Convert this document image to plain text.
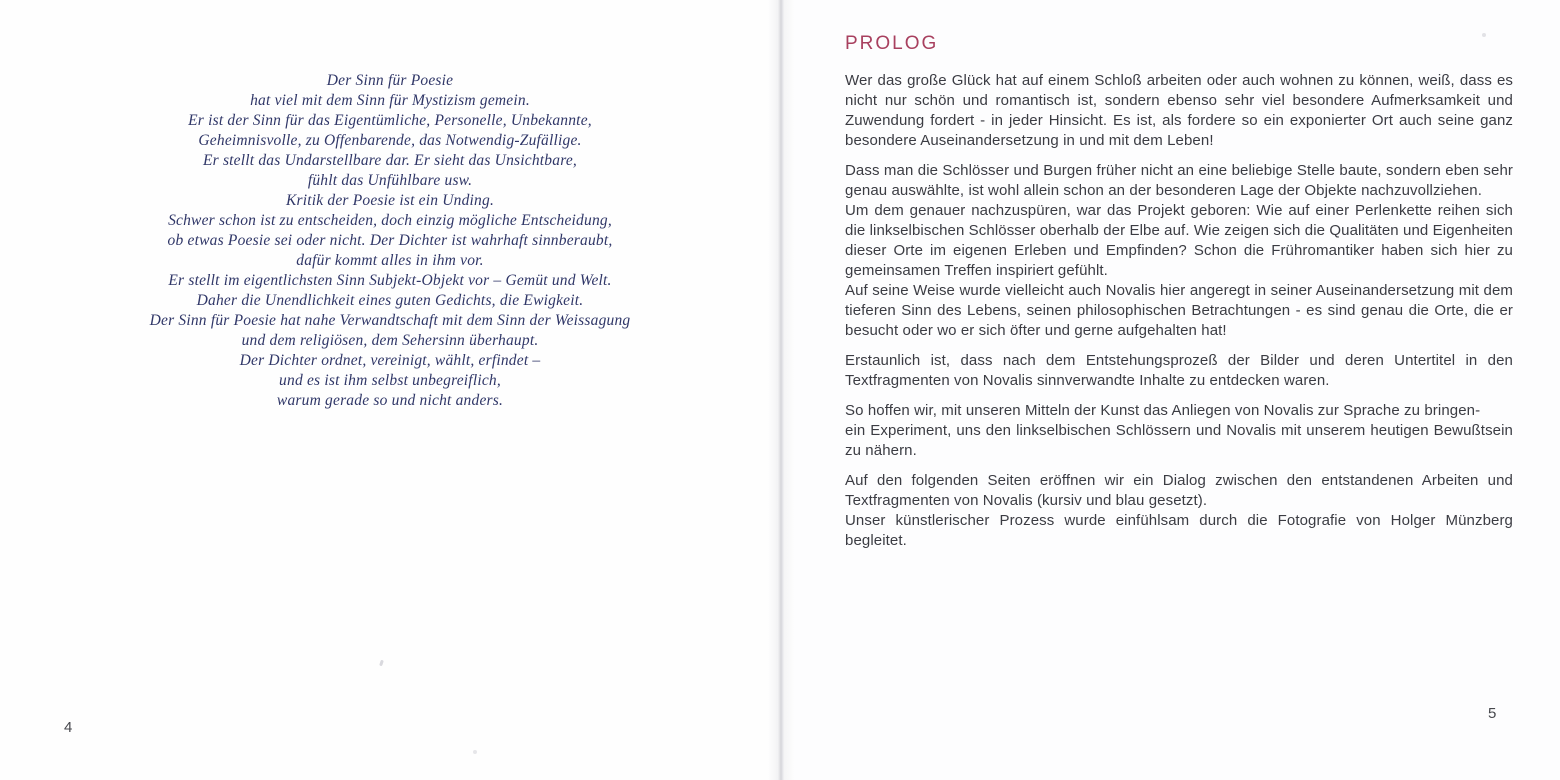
Der Sinn für Poesie
hat viel mit dem Sinn für Mystizism gemein.
Er ist der Sinn für das Eigentümliche, Personelle, Unbekannte,
Geheimnisvolle, zu Offenbarende, das Notwendig-Zufällige.
Er stellt das Undarstellbare dar. Er sieht das Unsichtbare,
fühlt das Unfühlbare usw.
Kritik der Poesie ist ein Unding.
Schwer schon ist zu entscheiden, doch einzig mögliche Entscheidung,
ob etwas Poesie sei oder nicht. Der Dichter ist wahrhaft sinnberaubt,
dafür kommt alles in ihm vor.
Er stellt im eigentlichsten Sinn Subjekt-Objekt vor – Gemüt und Welt.
Daher die Unendlichkeit eines guten Gedichts, die Ewigkeit.
Der Sinn für Poesie hat nahe Verwandtschaft mit dem Sinn der Weissagung
und dem religiösen, dem Sehersinn überhaupt.
Der Dichter ordnet, vereinigt, wählt, erfindet –
und es ist ihm selbst unbegreiflich,
warum gerade so und nicht anders.
PROLOG
Wer das große Glück hat auf einem Schloß arbeiten oder auch wohnen zu können, weiß, dass es nicht nur schön und romantisch ist, sondern ebenso sehr viel besondere Aufmerksamkeit und Zuwendung fordert - in jeder Hinsicht. Es ist, als fordere so ein exponierter Ort auch seine ganz besondere Auseinandersetzung in und mit dem Leben!
Dass man die Schlösser und Burgen früher nicht an eine beliebige Stelle baute, sondern eben sehr genau auswählte, ist wohl allein schon an der besonderen Lage der Objekte nachzuvollziehen.
Um dem genauer nachzuspüren, war das Projekt geboren: Wie auf einer Perlenkette reihen sich die linkselbischen Schlösser oberhalb der Elbe auf. Wie zeigen sich die Qualitäten und Eigenheiten dieser Orte im eigenen Erleben und Empfinden? Schon die Frühromantiker haben sich hier zu gemeinsamen Treffen inspiriert gefühlt.
Auf seine Weise wurde vielleicht auch Novalis hier angeregt in seiner Auseinandersetzung mit dem tieferen Sinn des Lebens, seinen philosophischen Betrachtungen - es sind genau die Orte, die er besucht oder wo er sich öfter und gerne aufgehalten hat!
Erstaunlich ist, dass nach dem Entstehungsprozeß der Bilder und deren Untertitel in den Textfragmenten von Novalis sinnverwandte Inhalte zu entdecken waren.
So hoffen wir, mit unseren Mitteln der Kunst das Anliegen von Novalis zur Sprache zu bringen-
ein Experiment, uns den linkselbischen Schlössern und Novalis mit unserem heutigen Bewußtsein zu nähern.
Auf den folgenden Seiten eröffnen wir ein Dialog zwischen den entstandenen Arbeiten und Textfragmenten von Novalis (kursiv und blau gesetzt).
Unser künstlerischer Prozess wurde einfühlsam durch die Fotografie von Holger Münzberg begleitet.
4
5
